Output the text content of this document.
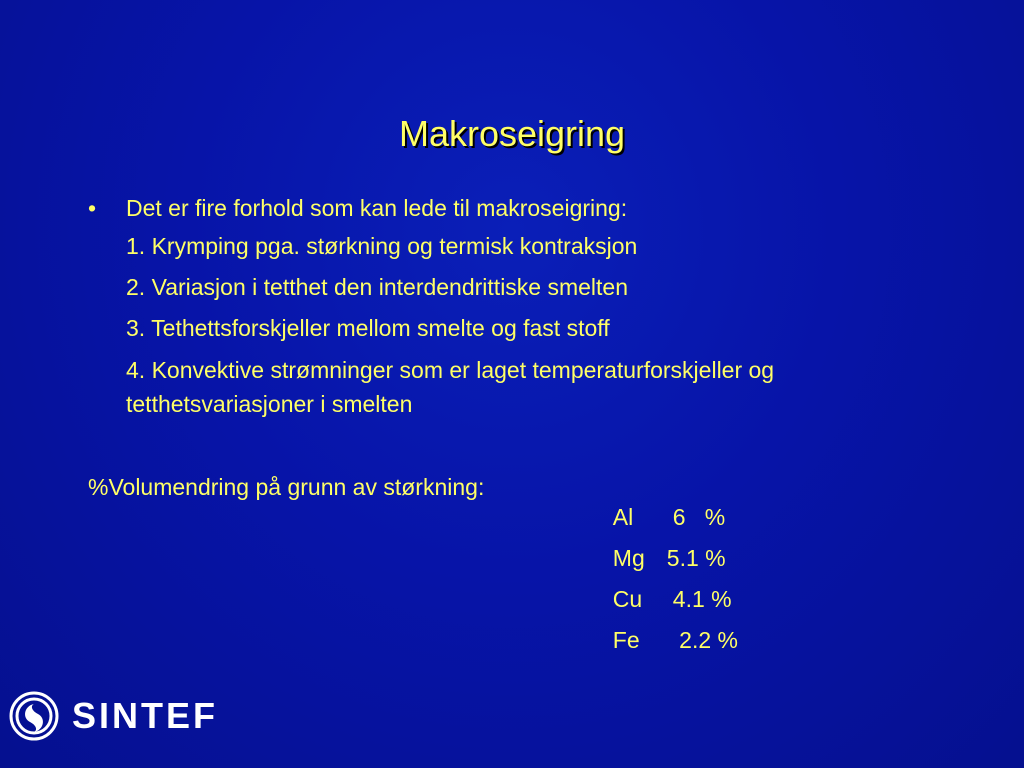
Makroseigring
•	Det er fire forhold som kan lede til makroseigring:
1. Krymping pga. størkning og termisk kontraksjon
2. Variasjon i tetthet den interdendrittiske smelten
3. Tethettsforskjeller mellom smelte og fast stoff
4. Konvektive strømninger som er laget temperaturforskjeller og tetthetsvariasjoner i smelten
%Volumendring på grunn av størkning:

Al 6   %

Mg 5.1 %

Cu 4.1 %

Fe 2.2 %

SINTEF
